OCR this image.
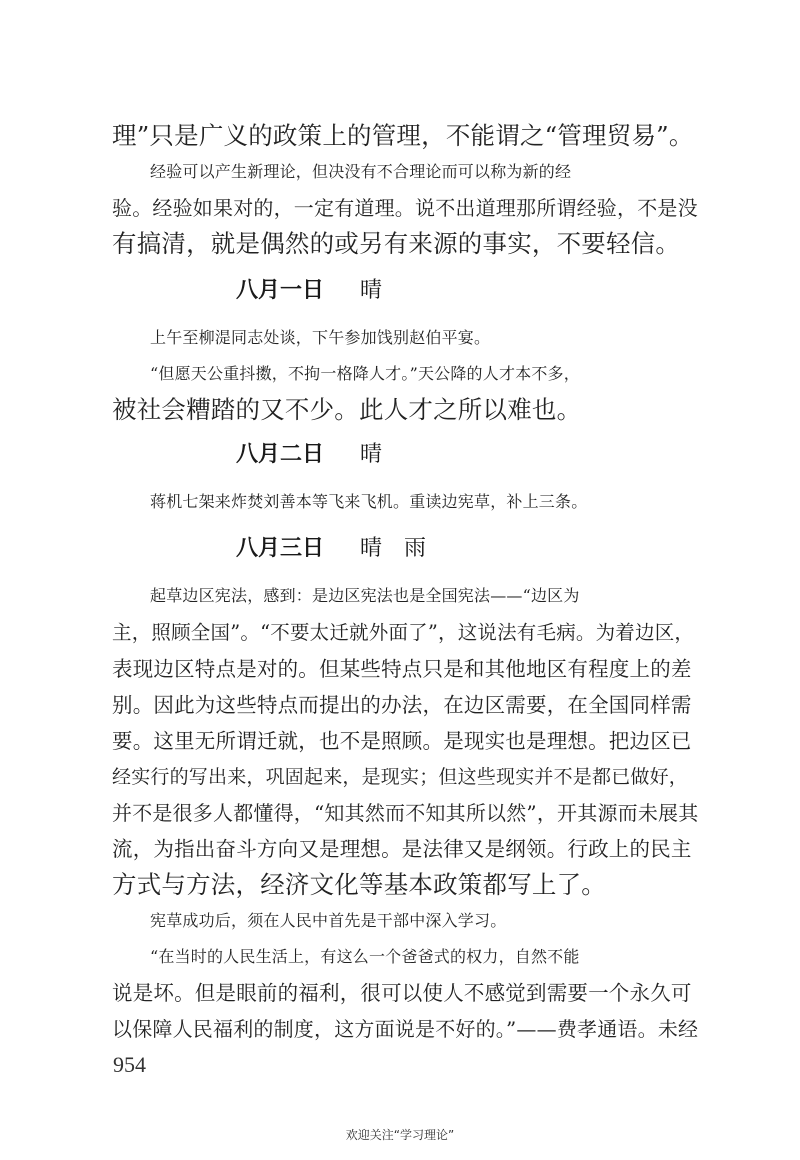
理”只是广义的政策上的管理，不能谓之“管理贸易”。
经验可以产生新理论，但决没有不合理论而可以称为新的经
验。经验如果对的，一定有道理。说不出道理那所谓经验，不是没
有搞清，就是偶然的或另有来源的事实，不要轻信。
八月一日 晴
上午至柳湜同志处谈，下午参加饯别赵伯平宴。
“但愿天公重抖擞，不拘一格降人才。”天公降的人才本不多，
被社会糟踏的又不少。此人才之所以难也。
八月二日 晴
蒋机七架来炸焚刘善本等飞来飞机。重读边宪草，补上三条。
八月三日 晴　雨
起草边区宪法，感到：是边区宪法也是全国宪法——“边区为
主，照顾全国”。“不要太迁就外面了”，这说法有毛病。为着边区，
表现边区特点是对的。但某些特点只是和其他地区有程度上的差
别。因此为这些特点而提出的办法，在边区需要，在全国同样需
要。这里无所谓迁就，也不是照顾。是现实也是理想。把边区已
经实行的写出来，巩固起来，是现实；但这些现实并不是都已做好，
并不是很多人都懂得，“知其然而不知其所以然”，开其源而未展其
流，为指出奋斗方向又是理想。是法律又是纲领。行政上的民主
方式与方法，经济文化等基本政策都写上了。
宪草成功后，须在人民中首先是干部中深入学习。
“在当时的人民生活上，有这么一个爸爸式的权力，自然不能
说是坏。但是眼前的福利，很可以使人不感觉到需要一个永久可
以保障人民福利的制度，这方面说是不好的。”——费孝通语。未经
954
欢迎关注“学习理论”
